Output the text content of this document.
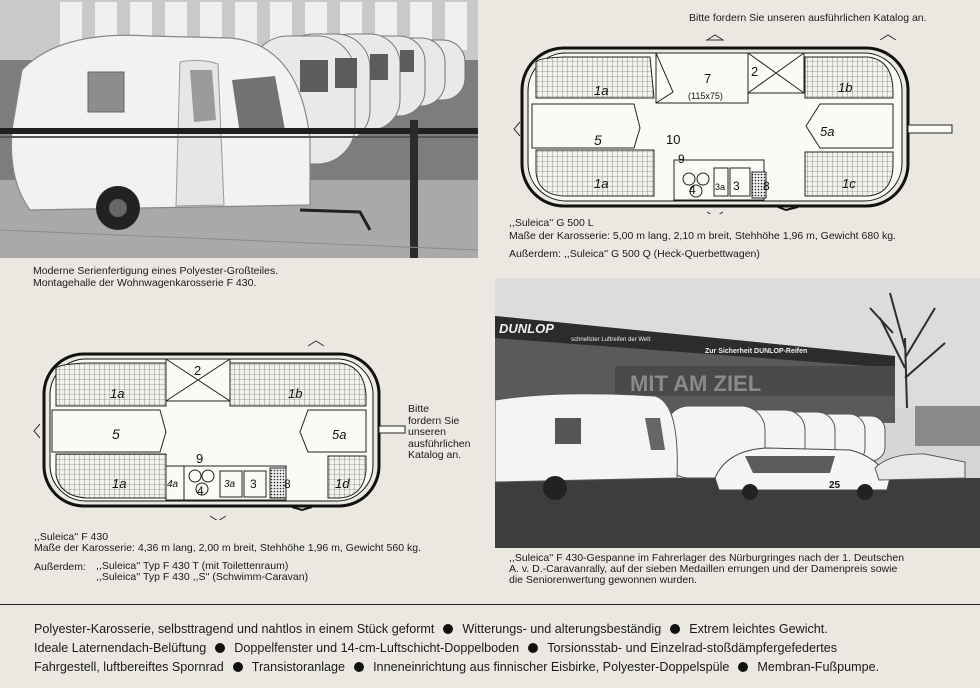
Moderne Serienfertigung eines Polyester-Großteiles.
Montagehalle der Wohnwagenkarosserie F 430.
Bitte fordern Sie unseren ausführlichen Katalog an.
1a
7
(115x75)
2
1b
5	10
5a
9
1a	4 3a 3 8	1c
,,Suleica'' G 500 L
Maße der Karosserie: 5,00 m lang, 2,10 m breit, Stehhöhe 1,96 m, Gewicht 680 kg.
Außerdem: ,,Suleica'' G 500 Q (Heck-Querbettwagen)
2
1a	1b
5	5a
9
1a	4a 4 3a 3 8	1d
Bitte
fordern Sie
unseren
ausführlichen
Katalog an.
,,Suleica'' F 430
Maße der Karosserie: 4,36 m lang, 2,00 m breit, Stehhöhe 1,96 m, Gewicht 560 kg.
Außerdem: ,,Suleica'' Typ F 430 T (mit Toilettenraum)
,,Suleica'' Typ F 430 ,,S'' (Schwimm-Caravan)
DUNLOP
schnellster Luftreifen der Welt
Zur Sicherheit DUNLOP-Reifen
MIT AM ZIEL
25
,,Suleica'' F 430-Gespanne im Fahrerlager des Nürburgringes nach der 1. Deutschen
A. v. D.-Caravanrally, auf der sieben Medaillen errungen und der Damenpreis sowie
die Seniorenwertung gewonnen wurden.
Polyester-Karosserie, selbsttragend und nahtlos in einem Stück geformt Witterungs- und alterungsbeständig Extrem leichtes Gewicht.
Ideale Laternendach-Belüftung Doppelfenster und 14-cm-Luftschicht-Doppelboden Torsionsstab- und Einzelrad-stoßdämpfergefedertes
Fahrgestell, luftbereiftes Spornrad Transistoranlage Inneneinrichtung aus finnischer Eisbirke, Polyester-Doppelspüle Membran-Fußpumpe.
